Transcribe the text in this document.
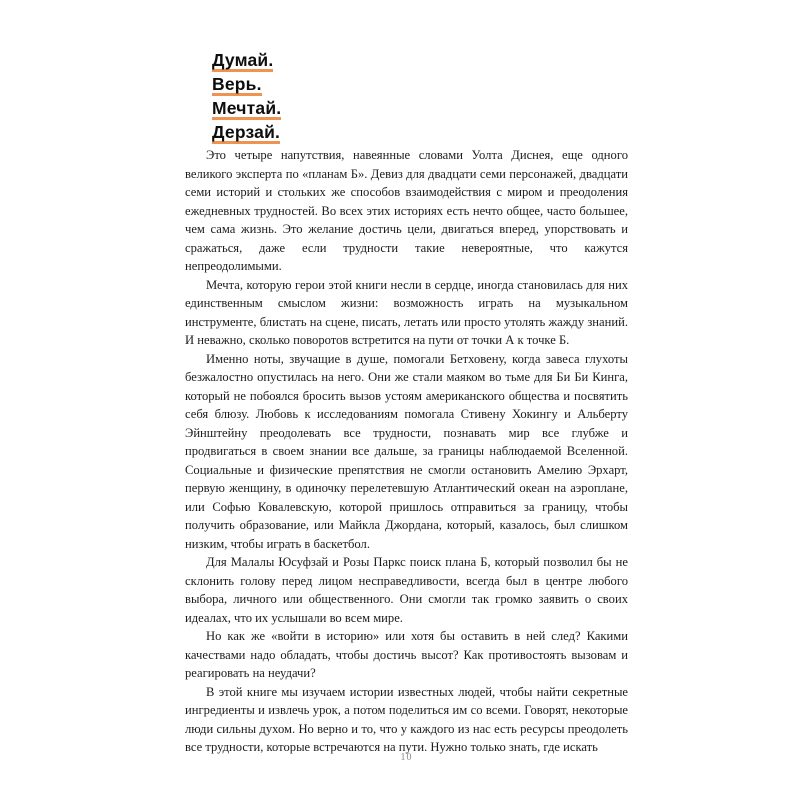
Думай.
Верь.
Мечтай.
Дерзай.

Это четыре напутствия, навеянные словами Уолта Диснея, еще одного великого эксперта по «планам Б». Девиз для двадцати семи персонажей, двадцати семи историй и стольких же способов взаимодействия с миром и преодоления ежедневных трудностей. Во всех этих историях есть нечто общее, часто большее, чем сама жизнь. Это желание достичь цели, двигаться вперед, упорствовать и сражаться, даже если трудности такие невероятные, что кажутся непреодолимыми.

Мечта, которую герои этой книги несли в сердце, иногда становилась для них единственным смыслом жизни: возможность играть на музыкальном инструменте, блистать на сцене, писать, летать или просто утолять жажду знаний. И неважно, сколько поворотов встретится на пути от точки А к точке Б.

Именно ноты, звучащие в душе, помогали Бетховену, когда завеса глухоты безжалостно опустилась на него. Они же стали маяком во тьме для Би Би Кинга, который не побоялся бросить вызов устоям американского общества и посвятить себя блюзу. Любовь к исследованиям помогала Стивену Хокингу и Альберту Эйнштейну преодолевать все трудности, познавать мир все глубже и продвигаться в своем знании все дальше, за границы наблюдаемой Вселенной. Социальные и физические препятствия не смогли остановить Амелию Эрхарт, первую женщину, в одиночку перелетевшую Атлантический океан на аэроплане, или Софью Ковалевскую, которой пришлось отправиться за границу, чтобы получить образование, или Майкла Джордана, который, казалось, был слишком низким, чтобы играть в баскетбол.

Для Малалы Юсуфзай и Розы Паркс поиск плана Б, который позволил бы не склонить голову перед лицом несправедливости, всегда был в центре любого выбора, личного или общественного. Они смогли так громко заявить о своих идеалах, что их услышали во всем мире.

Но как же «войти в историю» или хотя бы оставить в ней след? Какими качествами надо обладать, чтобы достичь высот? Как противостоять вызовам и реагировать на неудачи?

В этой книге мы изучаем истории известных людей, чтобы найти секретные ингредиенты и извлечь урок, а потом поделиться им со всеми. Говорят, некоторые люди сильны духом. Но верно и то, что у каждого из нас есть ресурсы преодолеть все трудности, которые встречаются на пути. Нужно только знать, где искать

10
